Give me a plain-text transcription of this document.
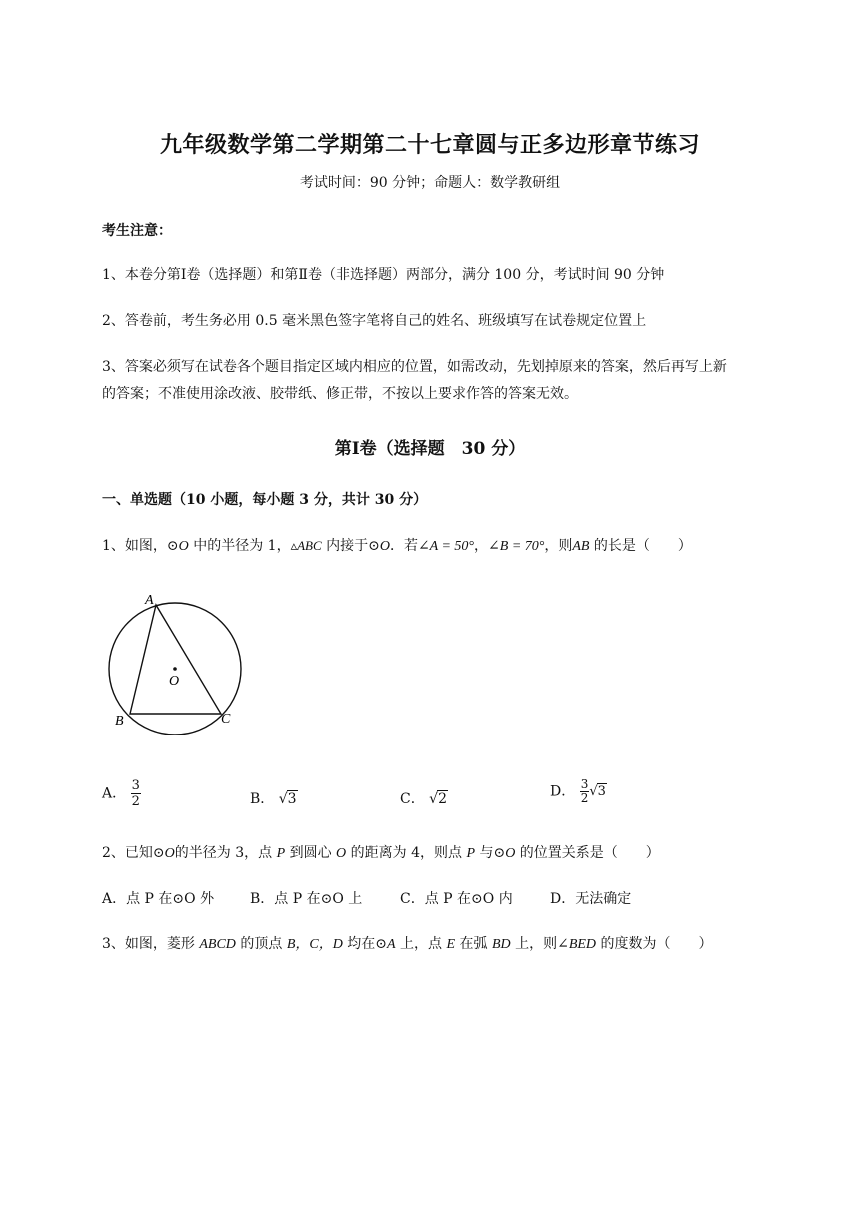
九年级数学第二学期第二十七章圆与正多边形章节练习
考试时间：90 分钟；命题人：数学教研组
考生注意：
1、本卷分第Ⅰ卷（选择题）和第Ⅱ卷（非选择题）两部分，满分 100 分，考试时间 90 分钟
2、答卷前，考生务必用 0.5 毫米黑色签字笔将自己的姓名、班级填写在试卷规定位置上
3、答案必须写在试卷各个题目指定区域内相应的位置，如需改动，先划掉原来的答案，然后再写上新
的答案；不准使用涂改液、胶带纸、修正带，不按以上要求作答的答案无效。
第Ⅰ卷（选择题　30 分）
一、单选题（10 小题，每小题 3 分，共计 30 分）
1、如图，⊙O 中的半径为 1，▵ABC 内接于⊙O．若∠A = 50°，∠B = 70°，则AB 的长是（　　）
A
B	C
O
A． $\frac{3}{2}$	B． √3	C． √2	D． $\frac{3}{2} √3$
2、已知⊙O的半径为 3，点 P 到圆心 O 的距离为 4，则点 P 与⊙O 的位置关系是（　　）
A．点 P 在⊙O 外	B．点 P 在⊙O 上	C．点 P 在⊙O 内	D．无法确定
3、如图，菱形 ABCD 的顶点 B，C，D 均在⊙A 上，点 E 在弧 BD 上，则∠BED 的度数为（　　）
